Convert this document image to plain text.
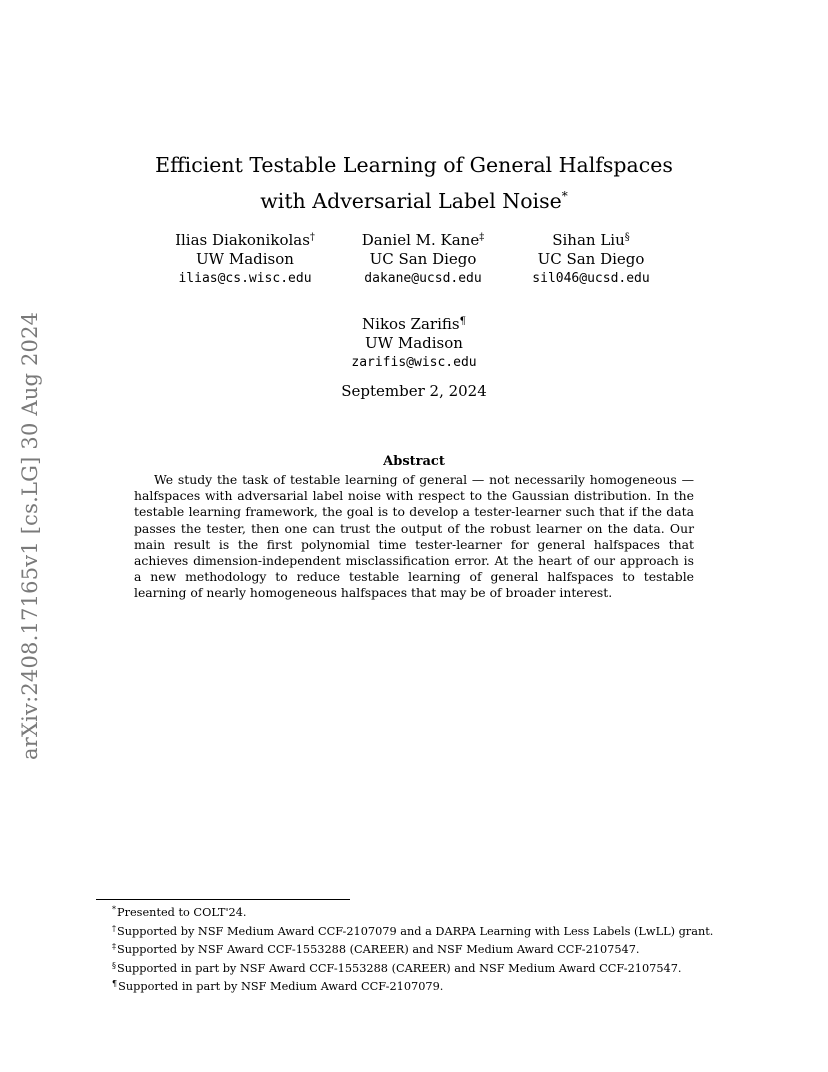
arXiv:2408.17165v1 [cs.LG] 30 Aug 2024
Efficient Testable Learning of General Halfspaces
with Adversarial Label Noise*
Ilias Diakonikolas†
UW Madison
ilias@cs.wisc.edu
Daniel M. Kane‡
UC San Diego
dakane@ucsd.edu
Sihan Liu§
UC San Diego
sil046@ucsd.edu
Nikos Zarifis¶
UW Madison
zarifis@wisc.edu
September 2, 2024
Abstract
We study the task of testable learning of general — not necessarily homogeneous — halfspaces with adversarial label noise with respect to the Gaussian distribution. In the testable learning framework, the goal is to develop a tester-learner such that if the data passes the tester, then one can trust the output of the robust learner on the data. Our main result is the first polynomial time tester-learner for general halfspaces that achieves dimension-independent misclassification error. At the heart of our approach is a new methodology to reduce testable learning of general halfspaces to testable learning of nearly homogeneous halfspaces that may be of broader interest.
*Presented to COLT'24.
†Supported by NSF Medium Award CCF-2107079 and a DARPA Learning with Less Labels (LwLL) grant.
‡Supported by NSF Award CCF-1553288 (CAREER) and NSF Medium Award CCF-2107547.
§Supported in part by NSF Award CCF-1553288 (CAREER) and NSF Medium Award CCF-2107547.
¶Supported in part by NSF Medium Award CCF-2107079.
